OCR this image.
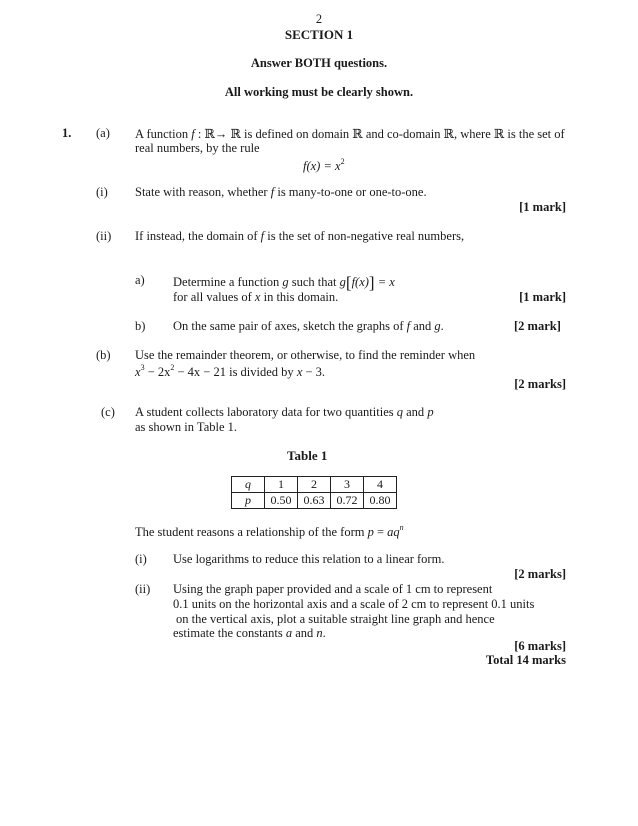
2
SECTION 1
Answer BOTH questions.
All working must be clearly shown.
1. (a) A function f : ℝ→ ℝ is defined on domain ℝ and co-domain ℝ, where ℝ is the set of
real numbers, by the rule
$f(x) = x^2$
(i) State with reason, whether f is many-to-one or one-to-one.
[1 mark]
(ii) If instead, the domain of f is the set of non-negative real numbers,
a) Determine a function g such that g[f(x)] = x
for all values of x in this domain.	[1 mark]
b) On the same pair of axes, sketch the graphs of f and g.	[2 mark]
(b) Use the remainder theorem, or otherwise, to find the reminder when
$x^3 - 2x^2 - 4x - 21$ is divided by x − 3.
[2 marks]
(c) A student collects laboratory data for two quantities q and p
as shown in Table 1.
Table 1
q	1	2	3	4
p	0.50	0.63	0.72	0.80
The student reasons a relationship of the form $p = aq^n$
(i) Use logarithms to reduce this relation to a linear form.
[2 marks]
(ii) Using the graph paper provided and a scale of 1 cm to represent
0.1 units on the horizontal axis and a scale of 2 cm to represent 0.1 units
on the vertical axis, plot a suitable straight line graph and hence
estimate the constants a and n.
[6 marks]
Total 14 marks
